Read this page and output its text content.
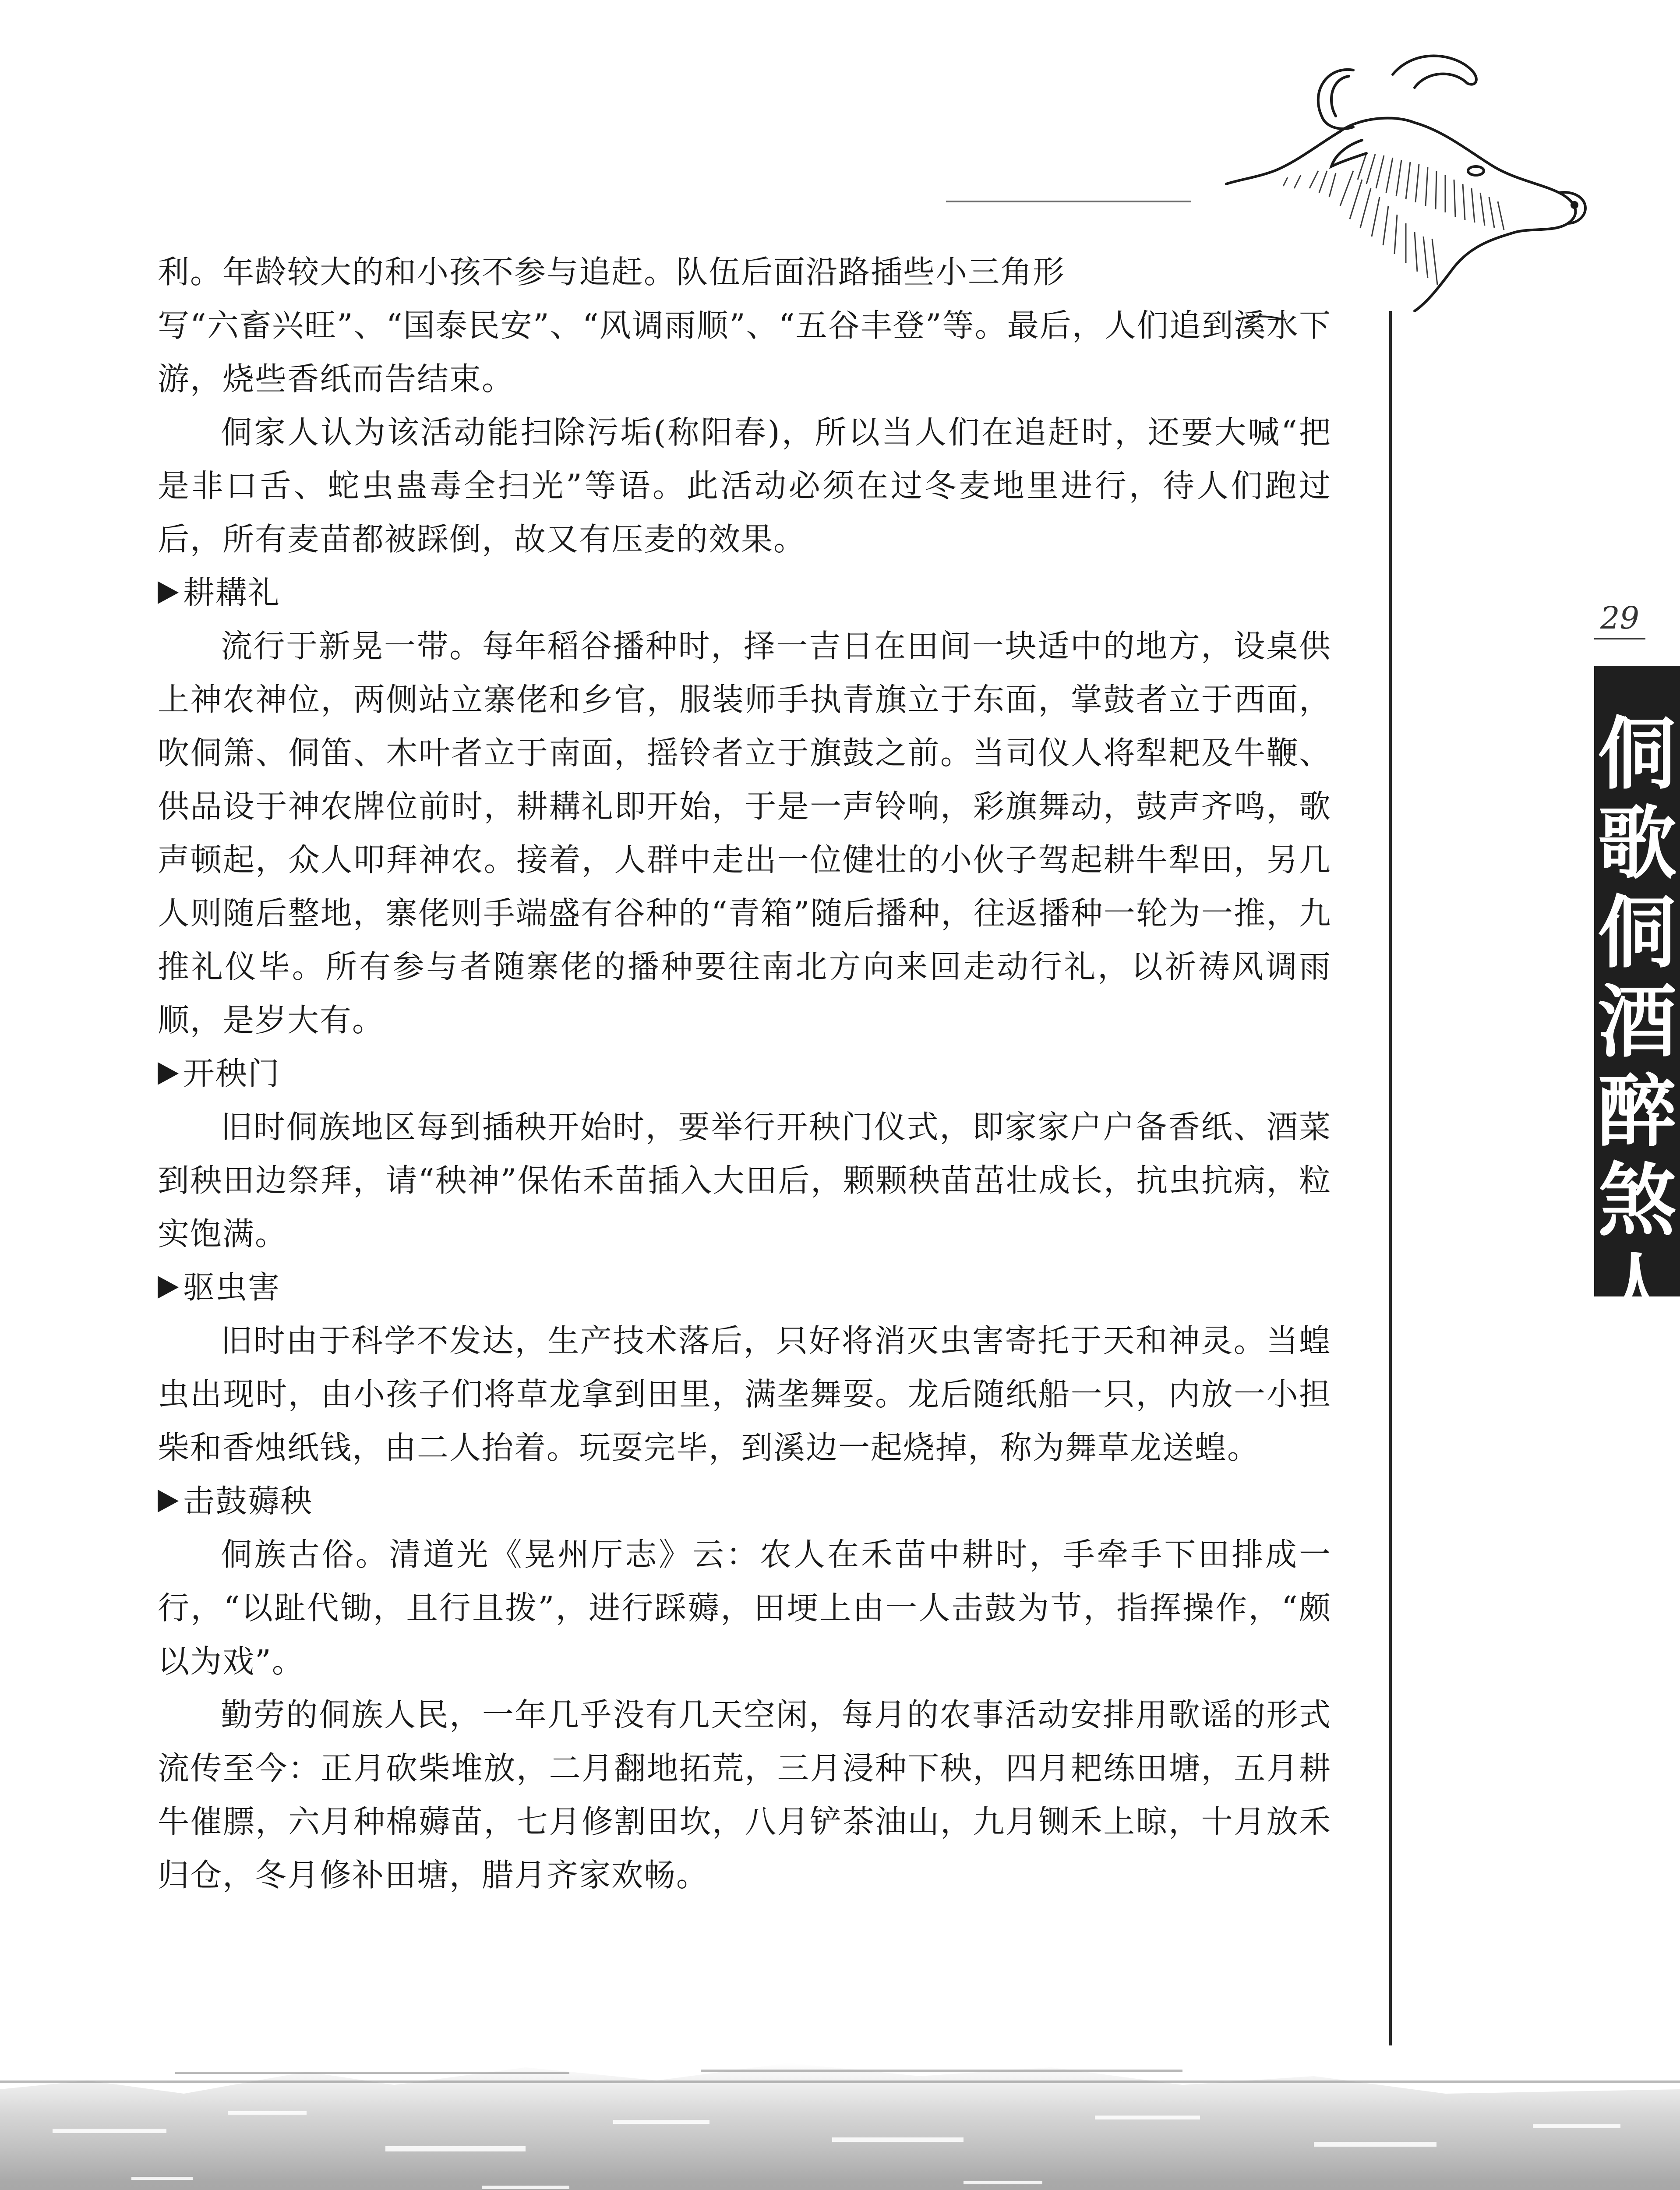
利。年龄较大的和小孩不参与追赶。队伍后面沿路插些小三角形

写“六畜兴旺”、“国泰民安”、“风调雨顺”、“五谷丰登”等。最后，人们追到溪水下游，烧些香纸而告结束。

侗家人认为该活动能扫除污垢(称阳春)，所以当人们在追赶时，还要大喊“把是非口舌、蛇虫蛊毒全扫光”等语。此活动必须在过冬麦地里进行，待人们跑过后，所有麦苗都被踩倒，故又有压麦的效果。

耕耩礼

流行于新晃一带。每年稻谷播种时，择一吉日在田间一块适中的地方，设桌供上神农神位，两侧站立寨佬和乡官，服装师手执青旗立于东面，掌鼓者立于西面，吹侗箫、侗笛、木叶者立于南面，摇铃者立于旗鼓之前。当司仪人将犁耙及牛鞭、供品设于神农牌位前时，耕耩礼即开始，于是一声铃响，彩旗舞动，鼓声齐鸣，歌声顿起，众人叩拜神农。接着，人群中走出一位健壮的小伙子驾起耕牛犁田，另几人则随后整地，寨佬则手端盛有谷种的“青箱”随后播种，往返播种一轮为一推，九推礼仪毕。所有参与者随寨佬的播种要往南北方向来回走动行礼，以祈祷风调雨顺，是岁大有。

开秧门

旧时侗族地区每到插秧开始时，要举行开秧门仪式，即家家户户备香纸、酒菜到秧田边祭拜，请“秧神”保佑禾苗插入大田后，颗颗秧苗茁壮成长，抗虫抗病，粒实饱满。

驱虫害

旧时由于科学不发达，生产技术落后，只好将消灭虫害寄托于天和神灵。当蝗虫出现时，由小孩子们将草龙拿到田里，满垄舞耍。龙后随纸船一只，内放一小担柴和香烛纸钱，由二人抬着。玩耍完毕，到溪边一起烧掉，称为舞草龙送蝗。

击鼓薅秧

侗族古俗。清道光《晃州厅志》云：农人在禾苗中耕时，手牵手下田排成一行，“以趾代锄，且行且拨”，进行踩薅，田埂上由一人击鼓为节，指挥操作，“颇以为戏”。

勤劳的侗族人民，一年几乎没有几天空闲，每月的农事活动安排用歌谣的形式流传至今：正月砍柴堆放，二月翻地拓荒，三月浸种下秧，四月耙练田塘，五月耕牛催膘，六月种棉薅苗，七月修割田坎，八月铲茶油山，九月铡禾上晾，十月放禾归仓，冬月修补田塘，腊月齐家欢畅。

29
侗
歌
侗
酒
醉
煞
人
